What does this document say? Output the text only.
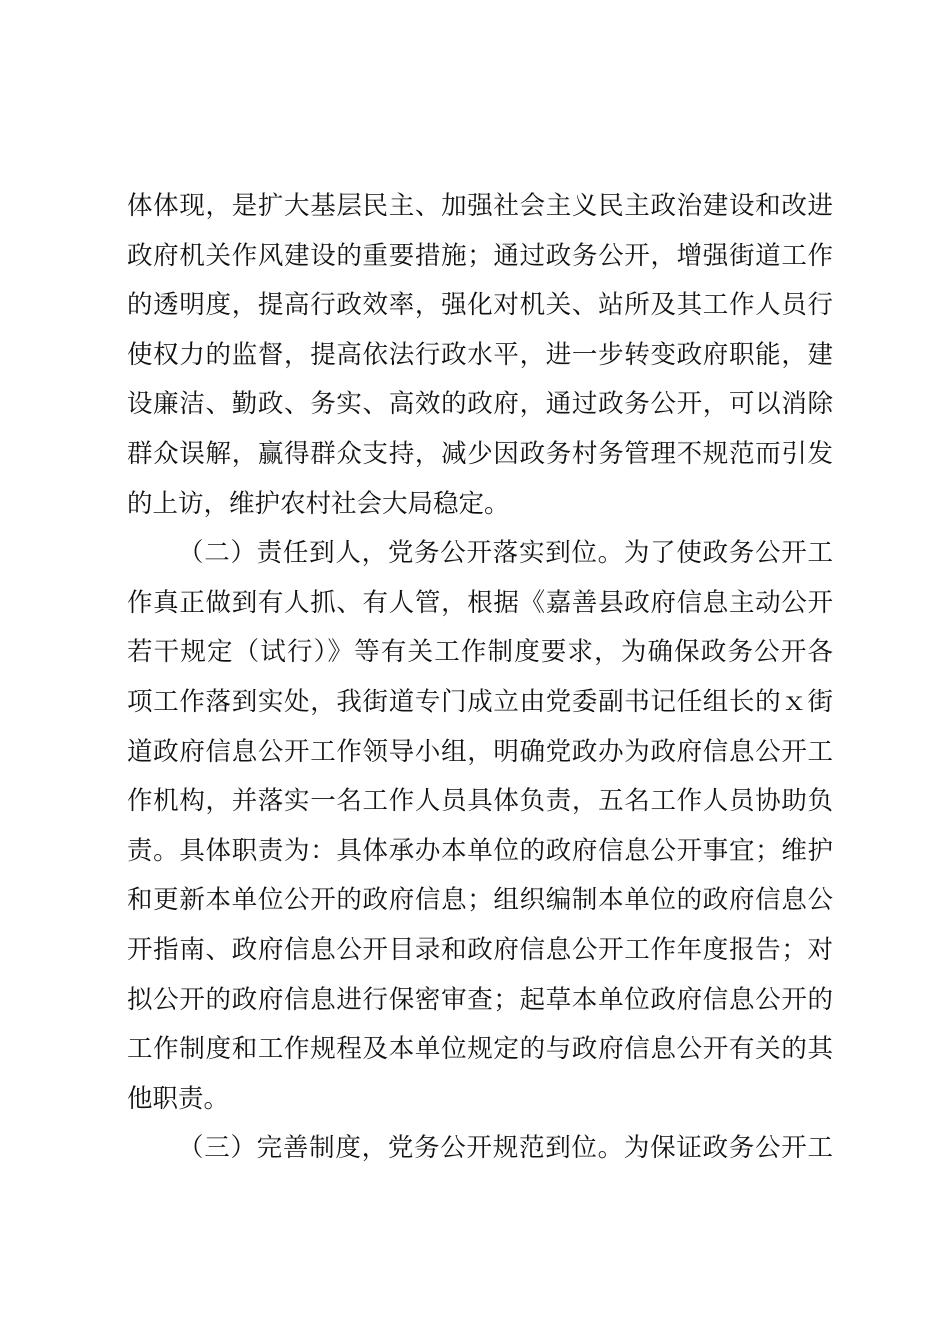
体体现，是扩大基层民主、加强社会主义民主政治建设和改进
政府机关作风建设的重要措施；通过政务公开，增强街道工作
的透明度，提高行政效率，强化对机关、站所及其工作人员行
使权力的监督，提高依法行政水平，进一步转变政府职能，建
设廉洁、勤政、务实、高效的政府，通过政务公开，可以消除
群众误解，赢得群众支持，减少因政务村务管理不规范而引发
的上访，维护农村社会大局稳定。
（二）责任到人，党务公开落实到位。为了使政务公开工
作真正做到有人抓、有人管，根据《嘉善县政府信息主动公开
若干规定（试行）》等有关工作制度要求，为确保政务公开各
项工作落到实处，我街道专门成立由党委副书记任组长的ｘ街
道政府信息公开工作领导小组，明确党政办为政府信息公开工
作机构，并落实一名工作人员具体负责，五名工作人员协助负
责。具体职责为：具体承办本单位的政府信息公开事宜；维护
和更新本单位公开的政府信息；组织编制本单位的政府信息公
开指南、政府信息公开目录和政府信息公开工作年度报告；对
拟公开的政府信息进行保密审查；起草本单位政府信息公开的
工作制度和工作规程及本单位规定的与政府信息公开有关的其
他职责。
（三）完善制度，党务公开规范到位。为保证政务公开工
